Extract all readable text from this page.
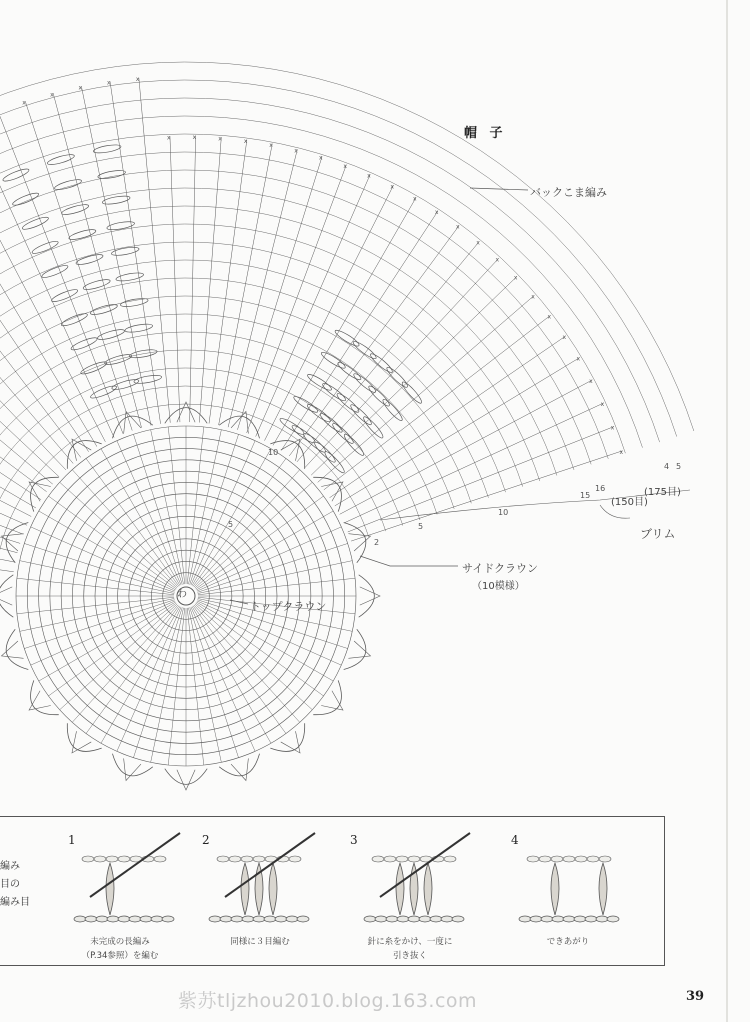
x
x
x
x	x
x	x	x	x
x
x
x
x
x
x
x
x
x
x
x
x
x
x
x
x
x
x
x
x
帽 子
バックこま編み
サイドクラウン
（10模様）
トップクラウン
ブリム
(175目)
(150目)
わ
2
5
10
15
16
4 5
5
10
1	2	3	4
未完成の長編み
（P.34参照）を編む
同様に３目編む	針に糸をかけ、一度に
引き抜く
できあがり
編み
目の
編み目
紫苏tljzhou2010.blog.163.com	39
